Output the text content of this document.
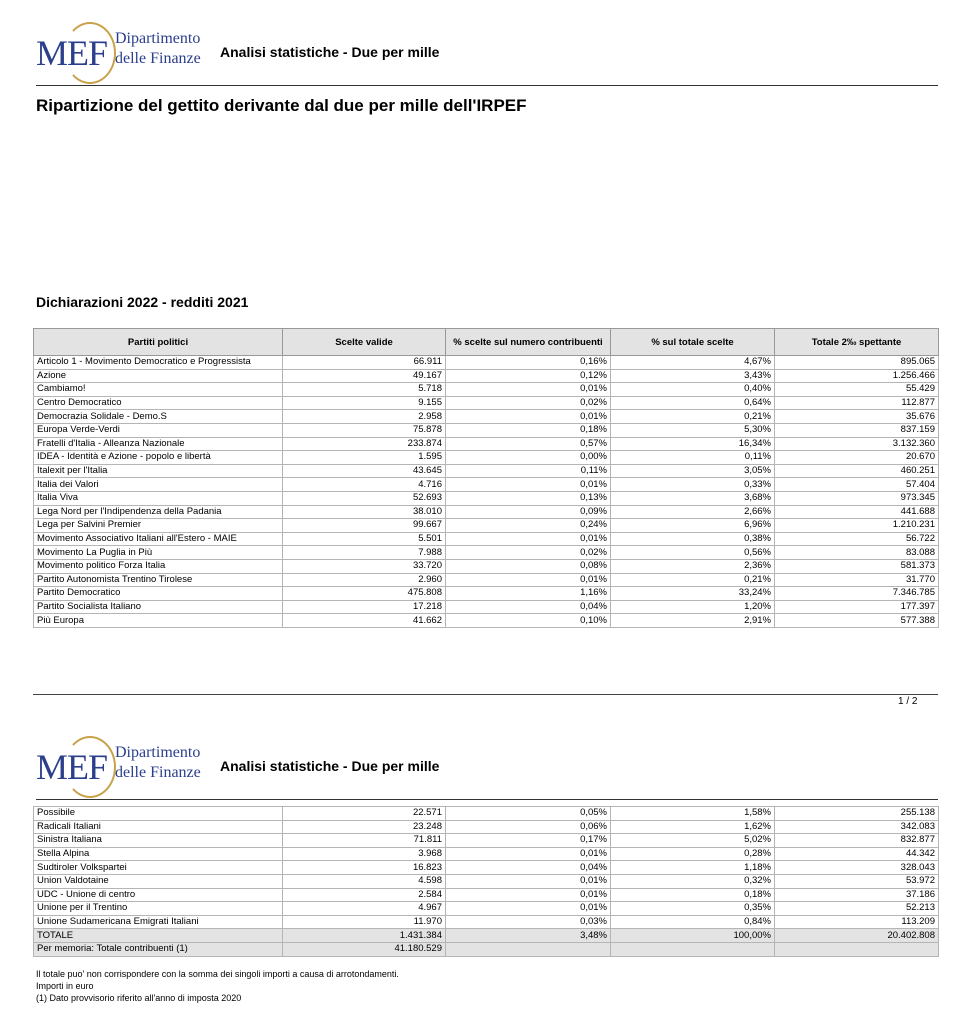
MEF Dipartimento
delle Finanze Analisi statistiche - Due per mille
Ripartizione del gettito derivante dal due per mille dell'IRPEF
Dichiarazioni 2022 - redditi 2021
Partiti politici	Scelte valide	% scelte sul numero contribuenti	% sul totale scelte	Totale 2‰ spettante
Articolo 1 - Movimento Democratico e Progressista	66.911	0,16%	4,67%	895.065
Azione	49.167	0,12%	3,43%	1.256.466
Cambiamo!	5.718	0,01%	0,40%	55.429
Centro Democratico	9.155	0,02%	0,64%	112.877
Democrazia Solidale - Demo.S	2.958	0,01%	0,21%	35.676
Europa Verde-Verdi	75.878	0,18%	5,30%	837.159
Fratelli d'Italia - Alleanza Nazionale	233.874	0,57%	16,34%	3.132.360
IDEA - Identità e Azione - popolo e libertà	1.595	0,00%	0,11%	20.670
Italexit per l'Italia	43.645	0,11%	3,05%	460.251
Italia dei Valori	4.716	0,01%	0,33%	57.404
Italia Viva	52.693	0,13%	3,68%	973.345
Lega Nord per l'Indipendenza della Padania	38.010	0,09%	2,66%	441.688
Lega per Salvini Premier	99.667	0,24%	6,96%	1.210.231
Movimento Associativo Italiani all'Estero - MAIE	5.501	0,01%	0,38%	56.722
Movimento La Puglia in Più	7.988	0,02%	0,56%	83.088
Movimento politico Forza Italia	33.720	0,08%	2,36%	581.373
Partito Autonomista Trentino Tirolese	2.960	0,01%	0,21%	31.770
Partito Democratico	475.808	1,16%	33,24%	7.346.785
Partito Socialista Italiano	17.218	0,04%	1,20%	177.397
Più Europa	41.662	0,10%	2,91%	577.388
1 / 2
MEF Dipartimento
delle Finanze Analisi statistiche - Due per mille
Possibile	22.571	0,05%	1,58%	255.138
Radicali Italiani	23.248	0,06%	1,62%	342.083
Sinistra Italiana	71.811	0,17%	5,02%	832.877
Stella Alpina	3.968	0,01%	0,28%	44.342
Sudtiroler Volkspartei	16.823	0,04%	1,18%	328.043
Union Valdotaine	4.598	0,01%	0,32%	53.972
UDC - Unione di centro	2.584	0,01%	0,18%	37.186
Unione per il Trentino	4.967	0,01%	0,35%	52.213
Unione Sudamericana Emigrati Italiani	11.970	0,03%	0,84%	113.209
TOTALE	1.431.384	3,48%	100,00%	20.402.808
Per memoria: Totale contribuenti (1)	41.180.529			
Il totale puo' non corrispondere con la somma dei singoli importi a causa di arrotondamenti.
Importi in euro
(1) Dato provvisorio riferito all'anno di imposta 2020
